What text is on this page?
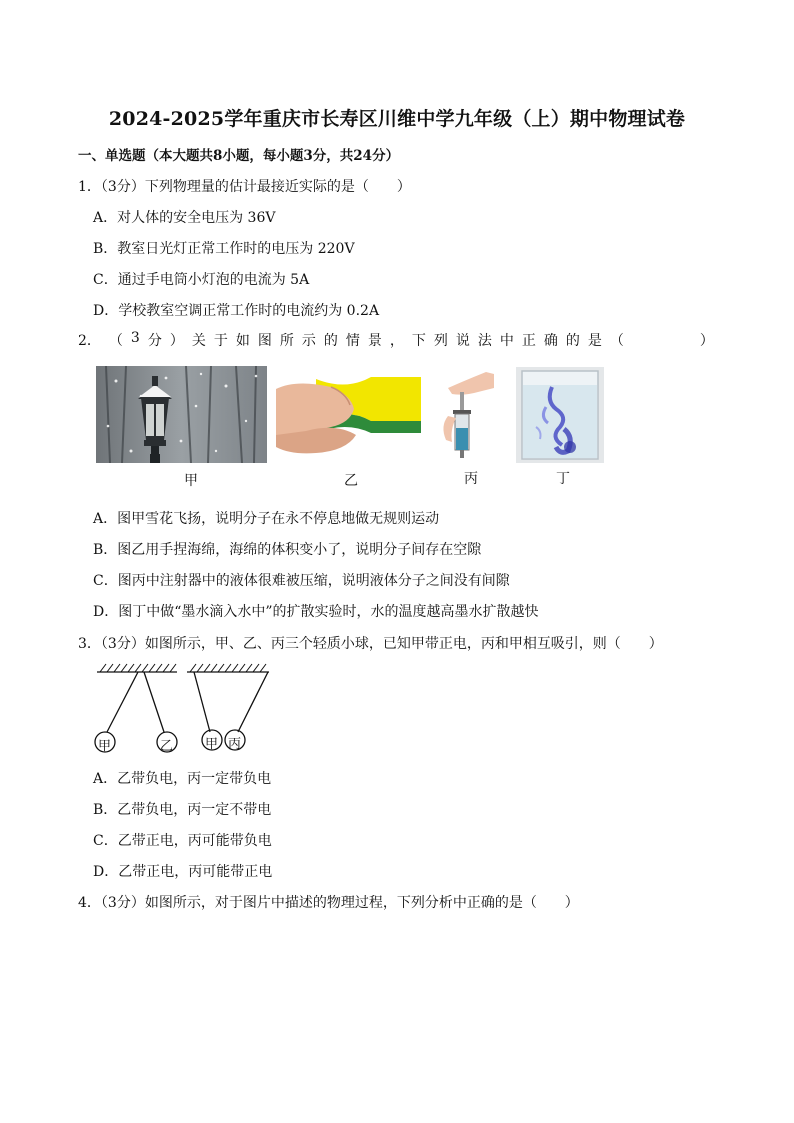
2024-2025学年重庆市长寿区川维中学九年级（上）期中物理试卷
一、单选题（本大题共8小题，每小题3分，共24分）
1．（3分）下列物理量的估计最接近实际的是（　　）
A．对人体的安全电压为 36V
B．教室日光灯正常工作时的电压为 220V
C．通过手电筒小灯泡的电流为 5A
D．学校教室空调正常工作时的电流约为 0.2A
2． （ 3 分 ） 关 于 如 图 所 示 的 情 景 ， 下 列 说 法 中 正 确 的 是 （	）
甲	乙	丙	丁
A．图甲雪花飞扬，说明分子在永不停息地做无规则运动
B．图乙用手捏海绵，海绵的体积变小了，说明分子间存在空隙
C．图丙中注射器中的液体很难被压缩，说明液体分子之间没有间隙
D．图丁中做“墨水滴入水中”的扩散实验时，水的温度越高墨水扩散越快
3．（3分）如图所示，甲、乙、丙三个轻质小球，已知甲带正电，丙和甲相互吸引，则（　　）
甲	乙 甲 丙
A．乙带负电，丙一定带负电
B．乙带负电，丙一定不带电
C．乙带正电，丙可能带负电
D．乙带正电，丙可能带正电
4．（3分）如图所示，对于图片中描述的物理过程，下列分析中正确的是（　　）
